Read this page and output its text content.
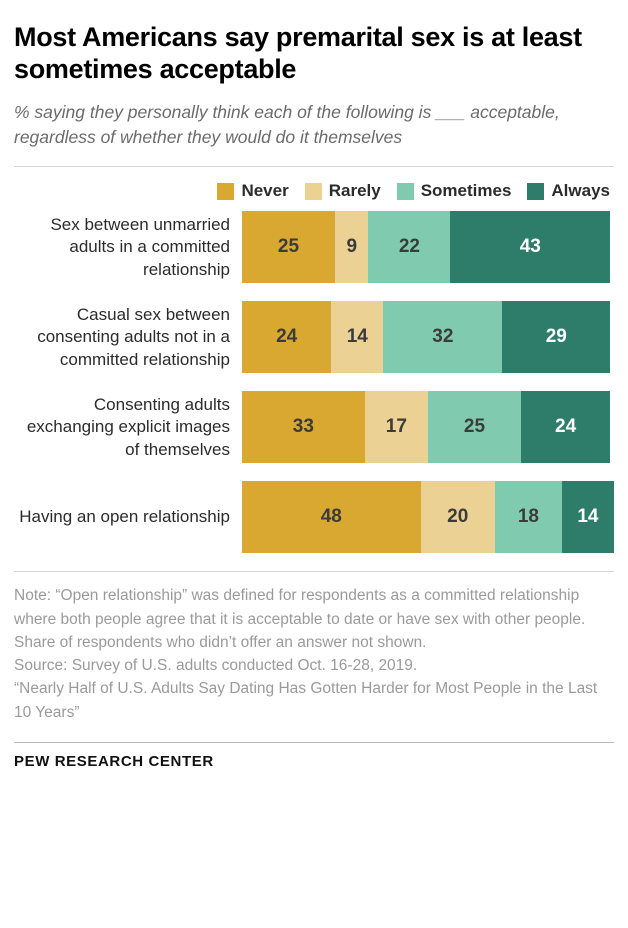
Most Americans say premarital sex is at least sometimes acceptable

% saying they personally think each of the following is ___ acceptable, regardless of whether they would do it themselves

Never Rarely Sometimes Always
Sex between unmarried adults in a committed relationship
25	9	22	43
Casual sex between consenting adults not in a committed relationship
24	14	32	29
Consenting adults exchanging explicit images of themselves
33	17	25	24
Having an open relationship	48	20	18	14

Note: “Open relationship” was defined for respondents as a committed relationship where both people agree that it is acceptable to date or have sex with other people. Share of respondents who didn’t offer an answer not shown.

Source: Survey of U.S. adults conducted Oct. 16-28, 2019.

“Nearly Half of U.S. Adults Say Dating Has Gotten Harder for Most People in the Last 10 Years”

PEW RESEARCH CENTER
